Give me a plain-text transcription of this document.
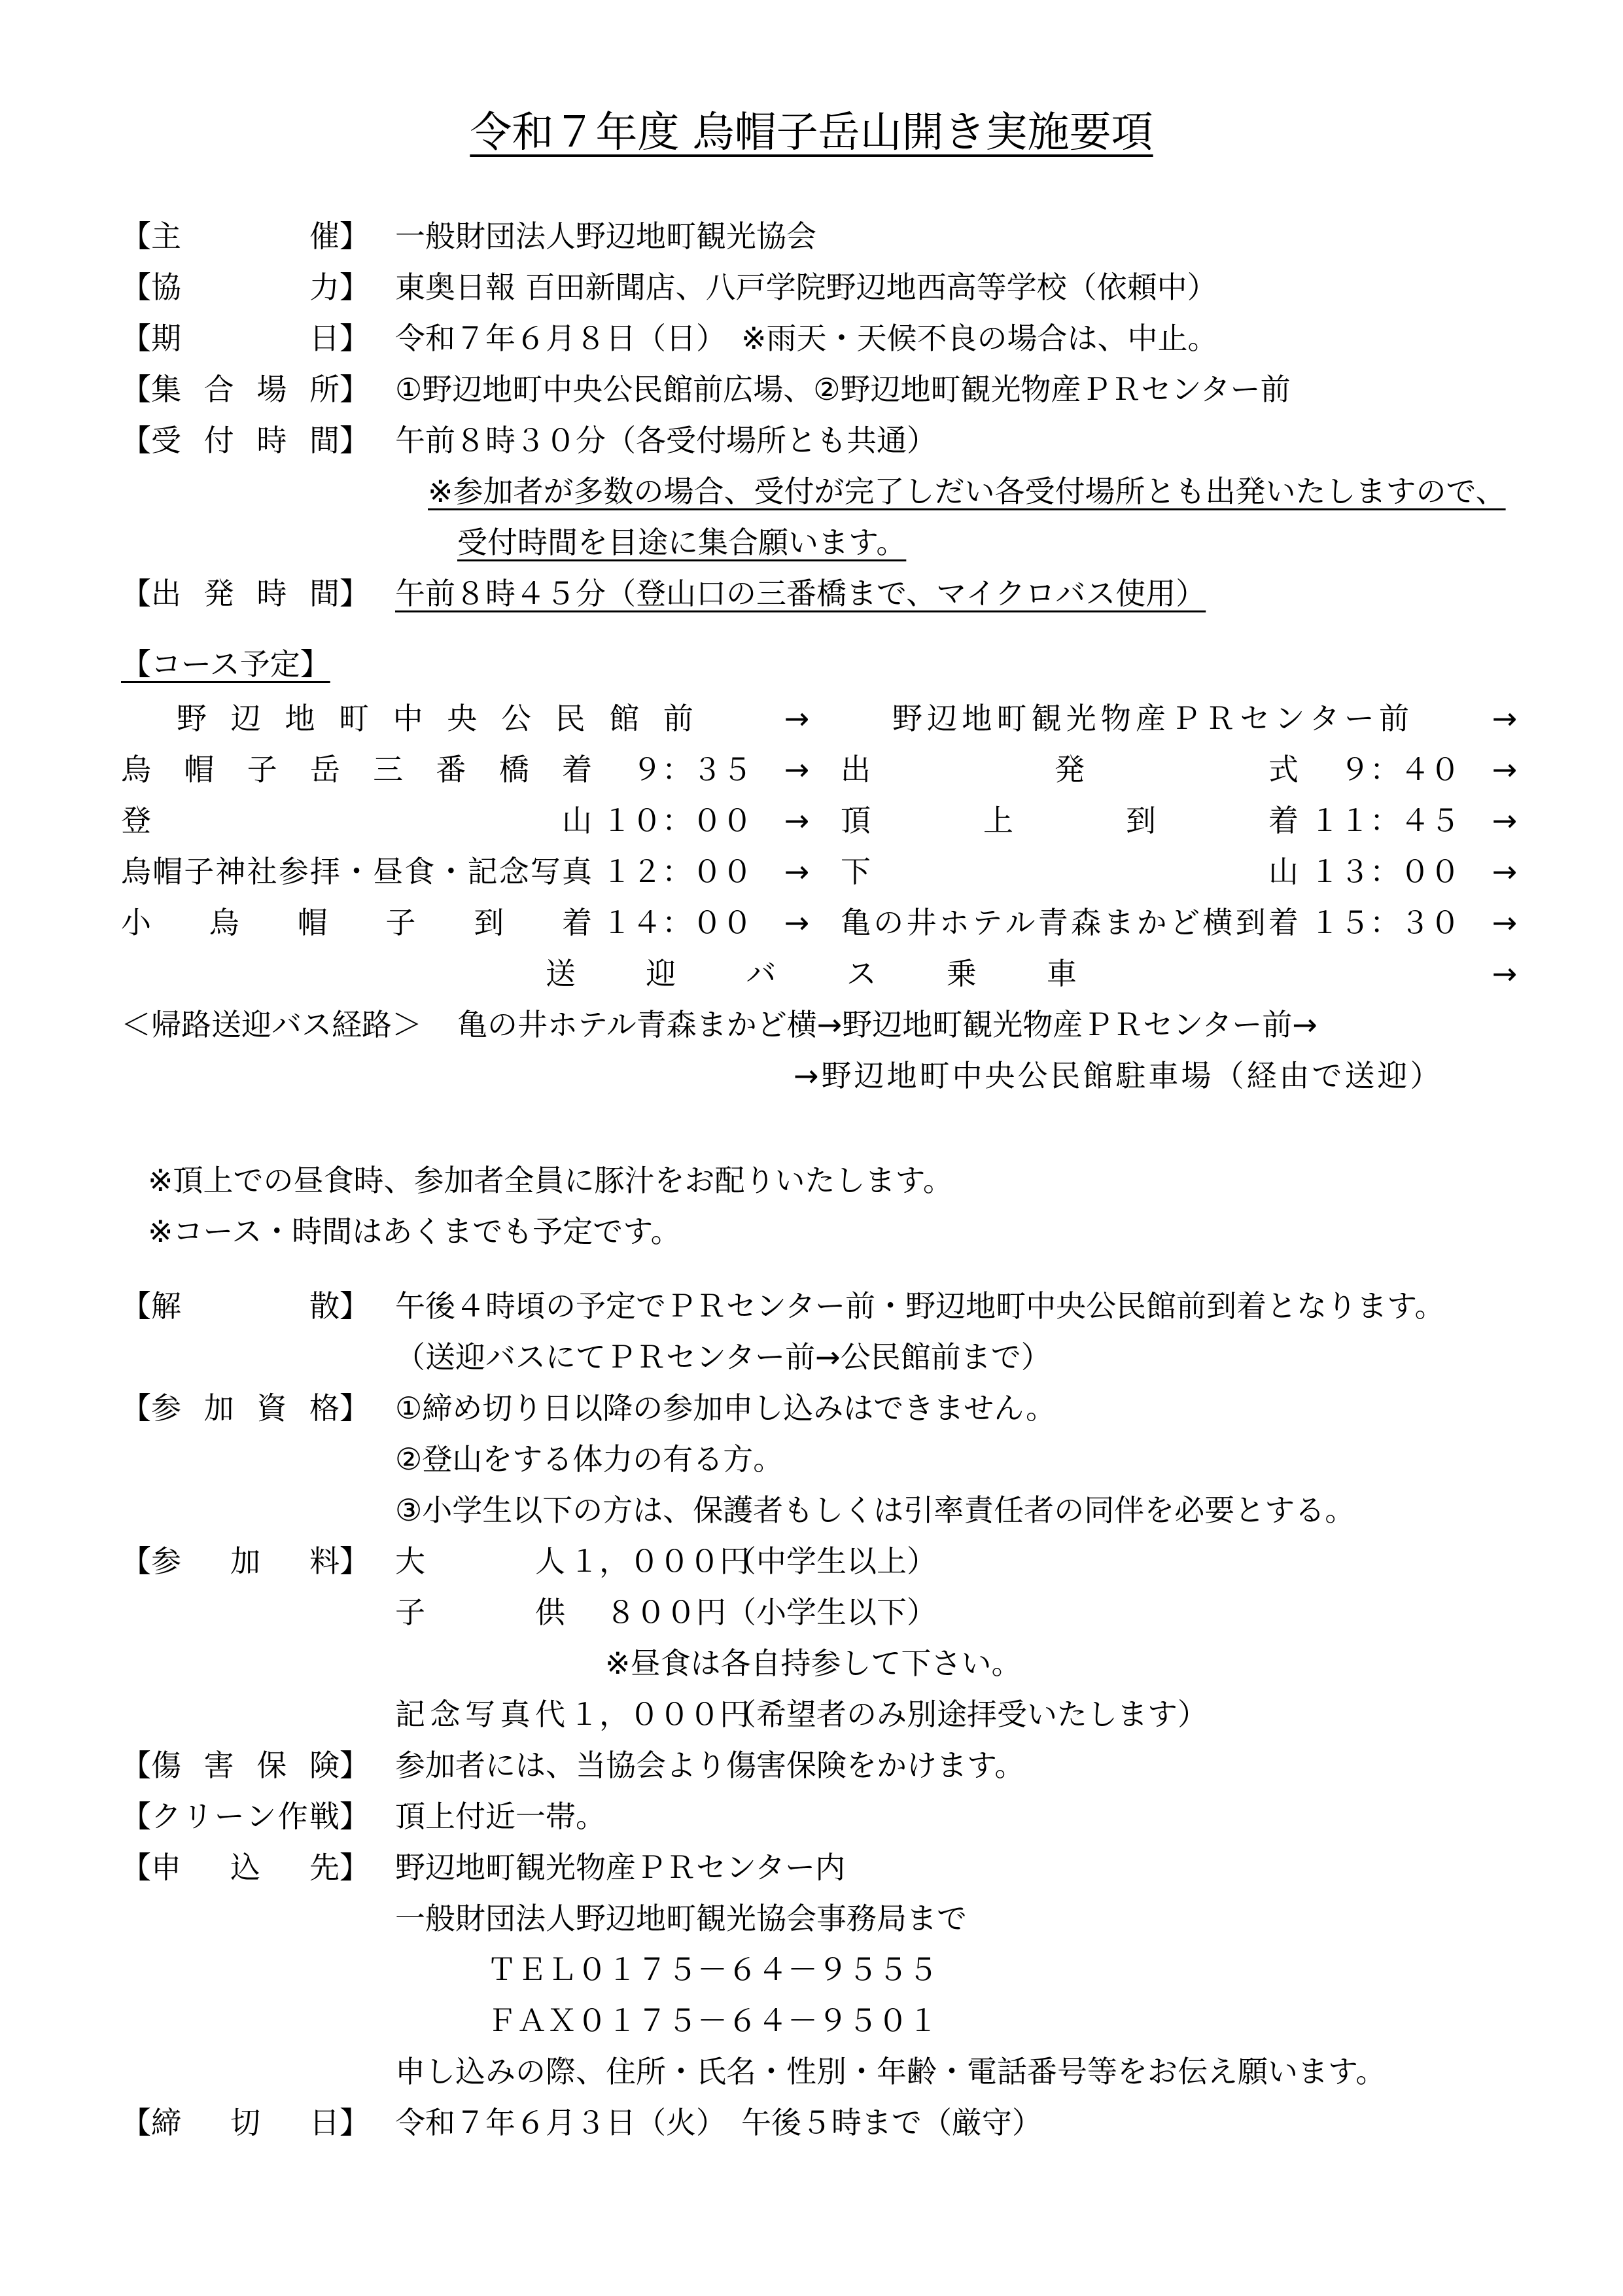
令和７年度 烏帽子岳山開き実施要項
【 主	催 】 一般財団法人野辺地町観光協会
【 協	力 】 東奥日報 百田新聞店、八戸学院野辺地西高等学校（依頼中）
【 期	日 】 令和７年６月８日（日）　※雨天・天候不良の場合は、中止。
【 集 合 場 所 】 ①野辺地町中央公民館前広場、②野辺地町観光物産ＰＲセンター前
【 受 付 時 間 】 午前８時３０分（各受付場所とも共通）
※参加者が多数の場合、受付が完了しだい各受付場所とも出発いたしますので、
受付時間を目途に集合願います。
【 出 発 時 間 】 午前８時４５分（登山口の三番橋まで、マイクロバス使用）
【コース予定】
野 辺 地 町 中 央 公 民 館 前	→	野 辺 地 町 観 光 物 産 Ｐ Ｒ セ ン タ ー 前	→
烏 帽 子 岳 三 番 橋 着	９：３５ → 出	発	式	９：４０ →
登	山 １０：００ → 頂	上	到	着 １１：４５ →
烏 帽 子 神 社 参 拝 ・ 昼 食 ・ 記 念 写 真 １２：００ → 下	山 １３：００ →
小 烏 帽 子 到 着 １４：００ → 亀 の 井 ホ テ ル 青 森 ま か ど 横 到 着 １５：３０ →
送 迎 バ ス 乗 車	→
＜帰路送迎バス経路＞ 亀の井ホテル青森まかど横→野辺地町観光物産ＰＲセンター前→
→野辺地町中央公民館駐車場（経由で送迎）
※頂上での昼食時、参加者全員に豚汁をお配りいたします。
※コース・時間はあくまでも予定です。
【 解	散 】 午後４時頃の予定でＰＲセンター前・野辺地町中央公民館前到着となります。
（送迎バスにてＰＲセンター前→公民館前まで）
【 参 加 資 格 】 ①締め切り日以降の参加申し込みはできません。
②登山をする体力の有る方。
③小学生以下の方は、保護者もしくは引率責任者の同伴を必要とする。
【 参 加 料 】 大	人 １，０００円
（中学生以上）
子	供	８００円 （小学生以下）
※昼食は各自持参して下さい。
記 念 写 真 代 １，０００円
（希望者のみ別途拝受いたします）
【 傷 害 保 険 】 参加者には、当協会より傷害保険をかけます。
【 ク リ ー ン 作 戦 】 頂上付近一帯。
【 申 込 先 】 野辺地町観光物産ＰＲセンター内
一般財団法人野辺地町観光協会事務局まで
ＴＥＬ０１７５－６４－９５５５
ＦＡＸ０１７５－６４－９５０１
申し込みの際、住所・氏名・性別・年齢・電話番号等をお伝え願います。
【 締 切 日 】 令和７年６月３日（火）　午後５時まで（厳守）
